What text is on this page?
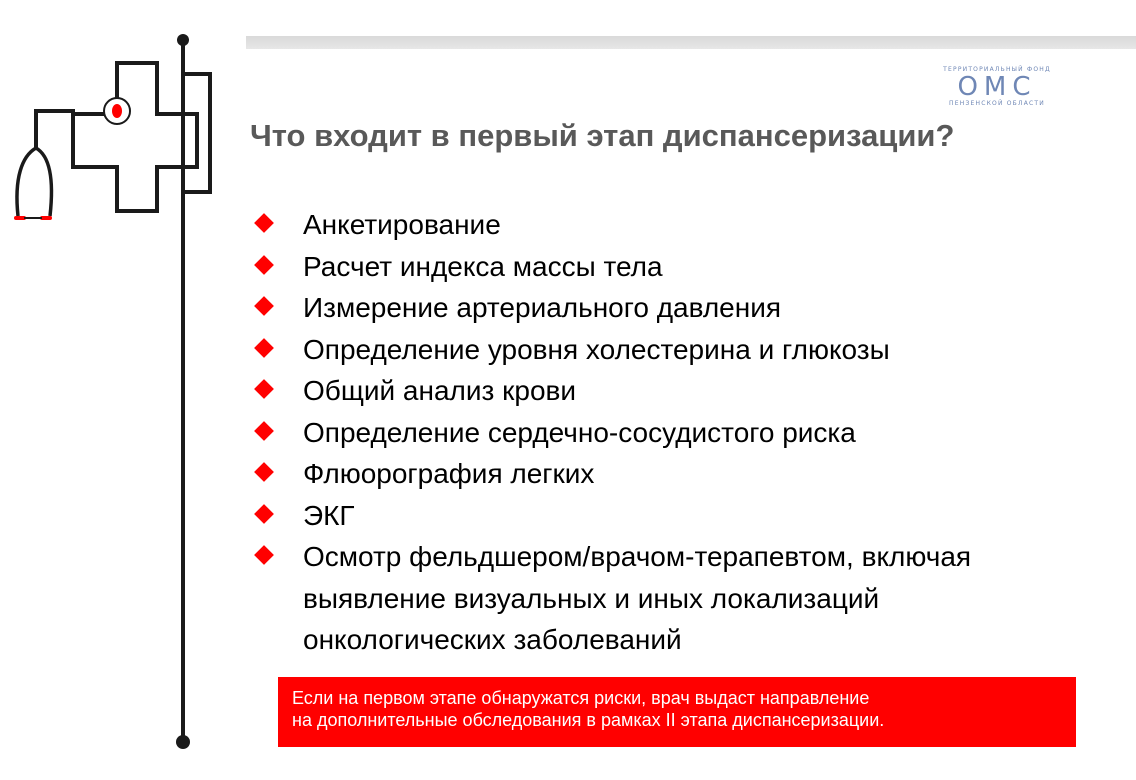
ТЕРРИТОРИАЛЬНЫЙ ФОНД
ОМС
ПЕНЗЕНСКОЙ ОБЛАСТИ
Что входит в первый этап диспансеризации?
Анкетирование
Расчет индекса массы тела
Измерение артериального давления
Определение уровня холестерина и глюкозы
Общий анализ крови
Определение сердечно-сосудистого риска
Флюорография легких
ЭКГ
Осмотр фельдшером/врачом-терапевтом, включая
выявление визуальных и иных локализаций
онкологических заболеваний
Если на первом этапе обнаружатся риски, врач выдаст направление
на дополнительные обследования в рамках II этапа диспансеризации.
